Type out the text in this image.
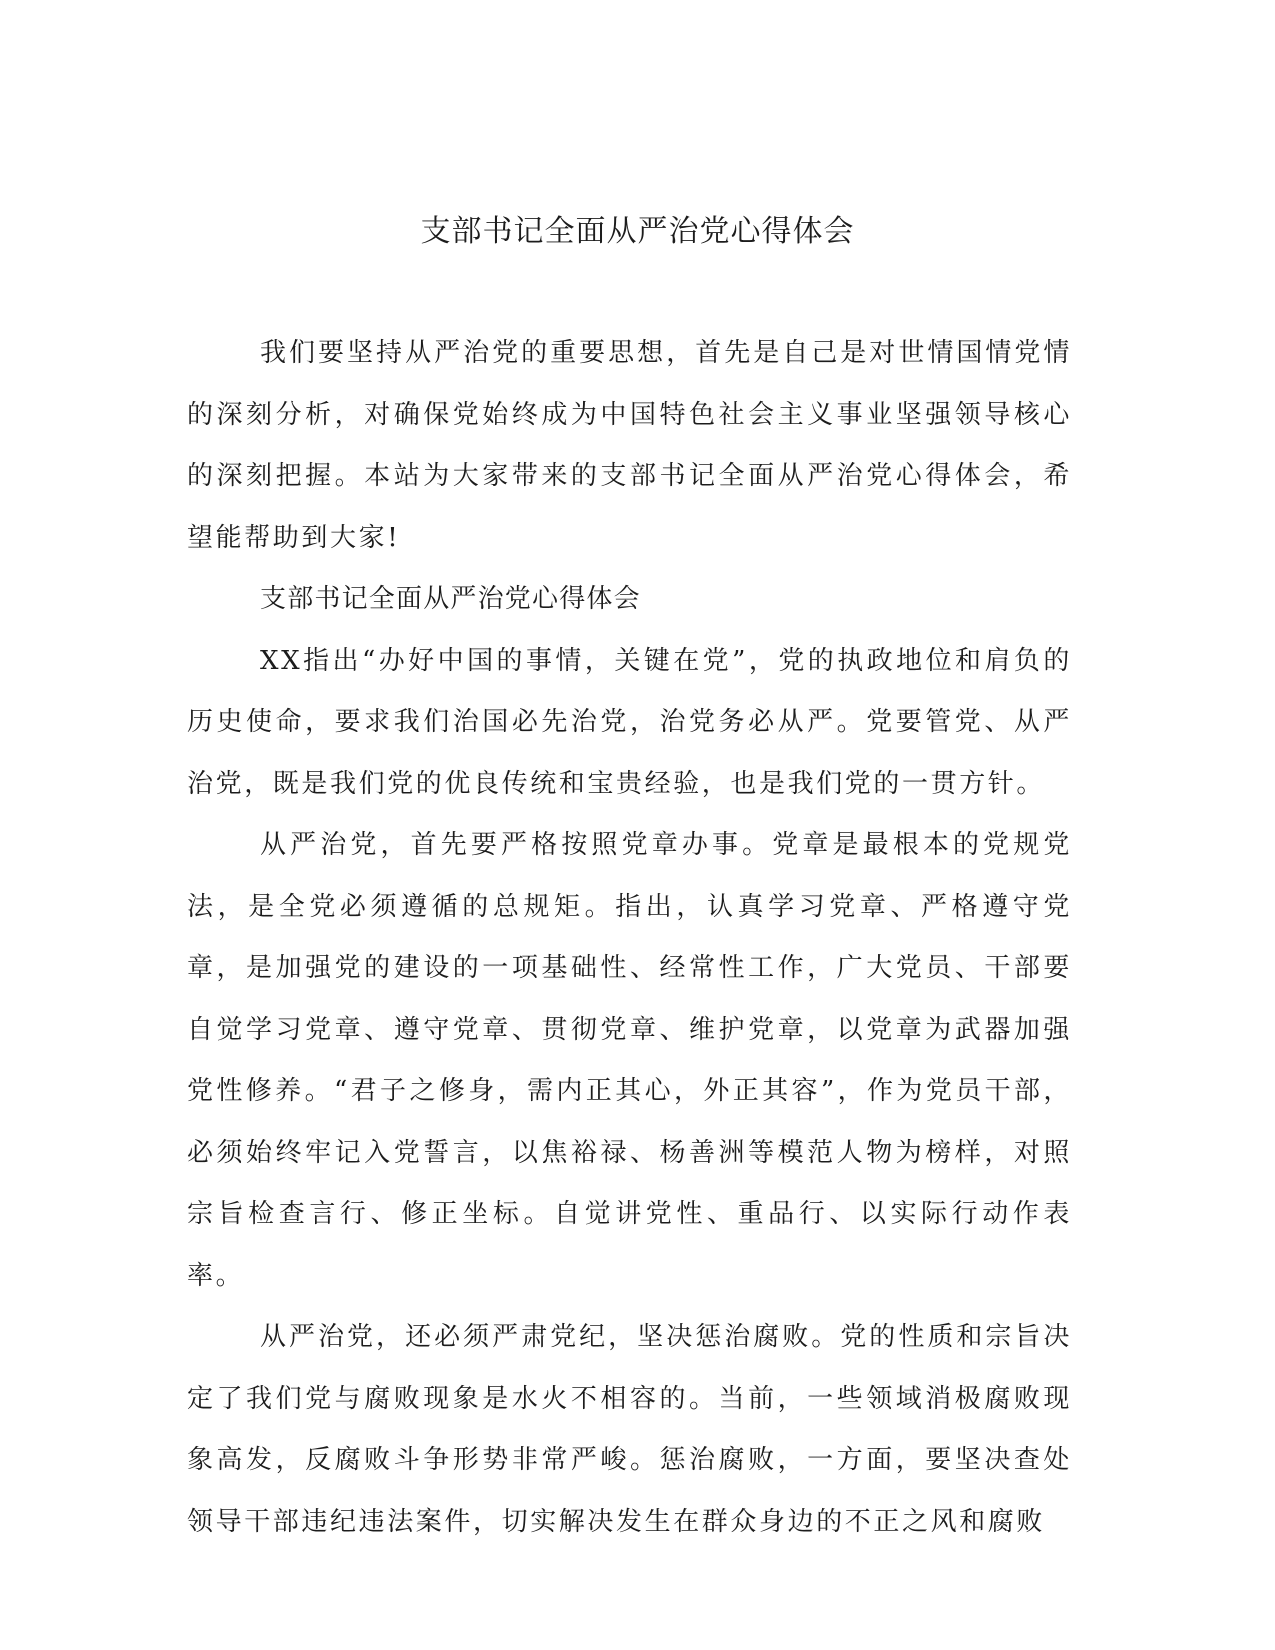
支部书记全面从严治党心得体会

我们要坚持从严治党的重要思想，首先是自己是对世情国情党情的深刻分析，对确保党始终成为中国特色社会主义事业坚强领导核心的深刻把握。本站为大家带来的支部书记全面从严治党心得体会，希望能帮助到大家!

支部书记全面从严治党心得体会

XX指出“办好中国的事情，关键在党”，党的执政地位和肩负的历史使命，要求我们治国必先治党，治党务必从严。党要管党、从严治党，既是我们党的优良传统和宝贵经验，也是我们党的一贯方针。

从严治党，首先要严格按照党章办事。党章是最根本的党规党法，是全党必须遵循的总规矩。指出，认真学习党章、严格遵守党章，是加强党的建设的一项基础性、经常性工作，广大党员、干部要自觉学习党章、遵守党章、贯彻党章、维护党章，以党章为武器加强党性修养。“君子之修身，需内正其心，外正其容”，作为党员干部，必须始终牢记入党誓言，以焦裕禄、杨善洲等模范人物为榜样，对照宗旨检查言行、修正坐标。自觉讲党性、重品行、以实际行动作表率。

从严治党，还必须严肃党纪，坚决惩治腐败。党的性质和宗旨决定了我们党与腐败现象是水火不相容的。当前，一些领域消极腐败现象高发，反腐败斗争形势非常严峻。惩治腐败，一方面，要坚决查处领导干部违纪违法案件，切实解决发生在群众身边的不正之风和腐败
